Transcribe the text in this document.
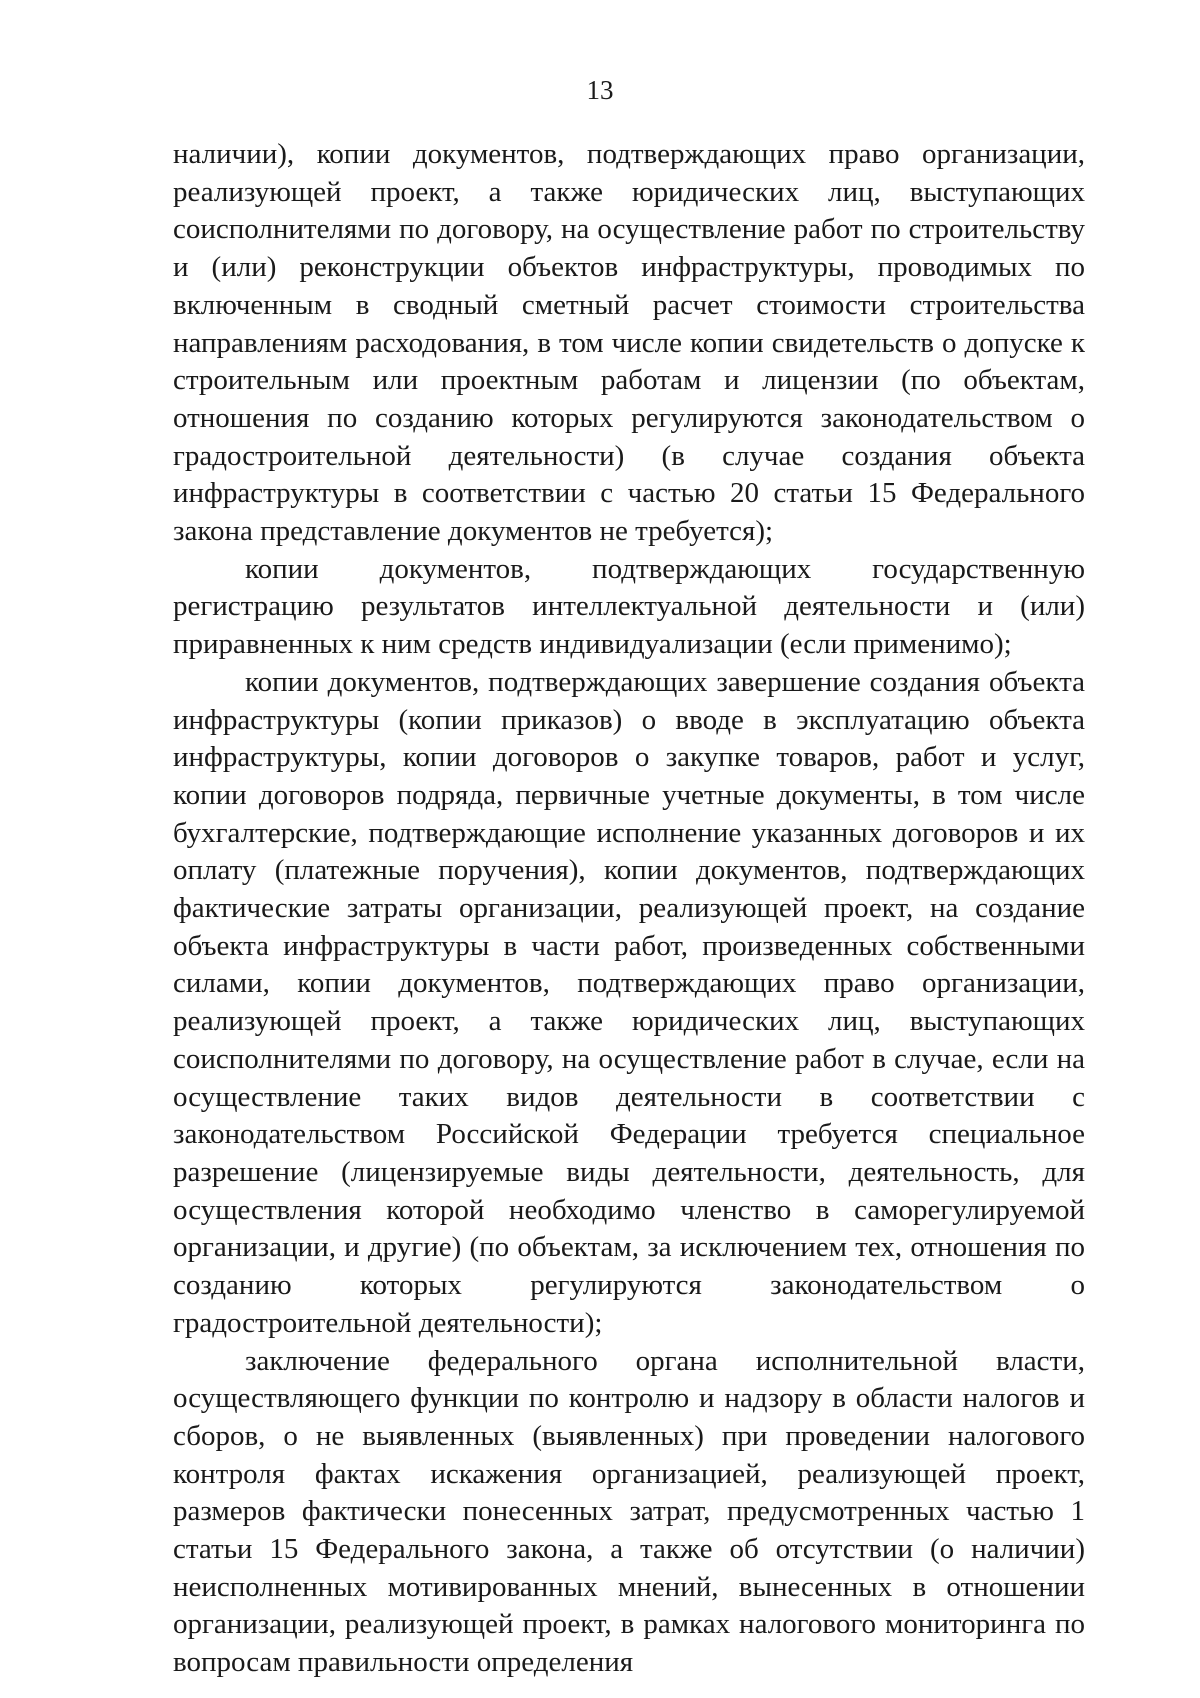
13

наличии), копии документов, подтверждающих право организации, реализующей проект, а также юридических лиц, выступающих соисполнителями по договору, на осуществление работ по строительству и (или) реконструкции объектов инфраструктуры, проводимых по включенным в сводный сметный расчет стоимости строительства направлениям расходования, в том числе копии свидетельств о допуске к строительным или проектным работам и лицензии (по объектам, отношения по созданию которых регулируются законодательством о градостроительной деятельности) (в случае создания объекта инфраструктуры в соответствии с частью 20 статьи 15 Федерального закона представление документов не требуется);

копии документов, подтверждающих государственную регистрацию результатов интеллектуальной деятельности и (или) приравненных к ним средств индивидуализации (если применимо);

копии документов, подтверждающих завершение создания объекта инфраструктуры (копии приказов) о вводе в эксплуатацию объекта инфраструктуры, копии договоров о закупке товаров, работ и услуг, копии договоров подряда, первичные учетные документы, в том числе бухгалтерские, подтверждающие исполнение указанных договоров и их оплату (платежные поручения), копии документов, подтверждающих фактические затраты организации, реализующей проект, на создание объекта инфраструктуры в части работ, произведенных собственными силами, копии документов, подтверждающих право организации, реализующей проект, а также юридических лиц, выступающих соисполнителями по договору, на осуществление работ в случае, если на осуществление таких видов деятельности в соответствии с законодательством Российской Федерации требуется специальное разрешение (лицензируемые виды деятельности, деятельность, для осуществления которой необходимо членство в саморегулируемой организации, и другие) (по объектам, за исключением тех, отношения по созданию которых регулируются законодательством о градостроительной деятельности);

заключение федерального органа исполнительной власти, осуществляющего функции по контролю и надзору в области налогов и сборов, о не выявленных (выявленных) при проведении налогового контроля фактах искажения организацией, реализующей проект, размеров фактически понесенных затрат, предусмотренных частью 1 статьи 15 Федерального закона, а также об отсутствии (о наличии) неисполненных мотивированных мнений, вынесенных в отношении организации, реализующей проект, в рамках налогового мониторинга по вопросам правильности определения
